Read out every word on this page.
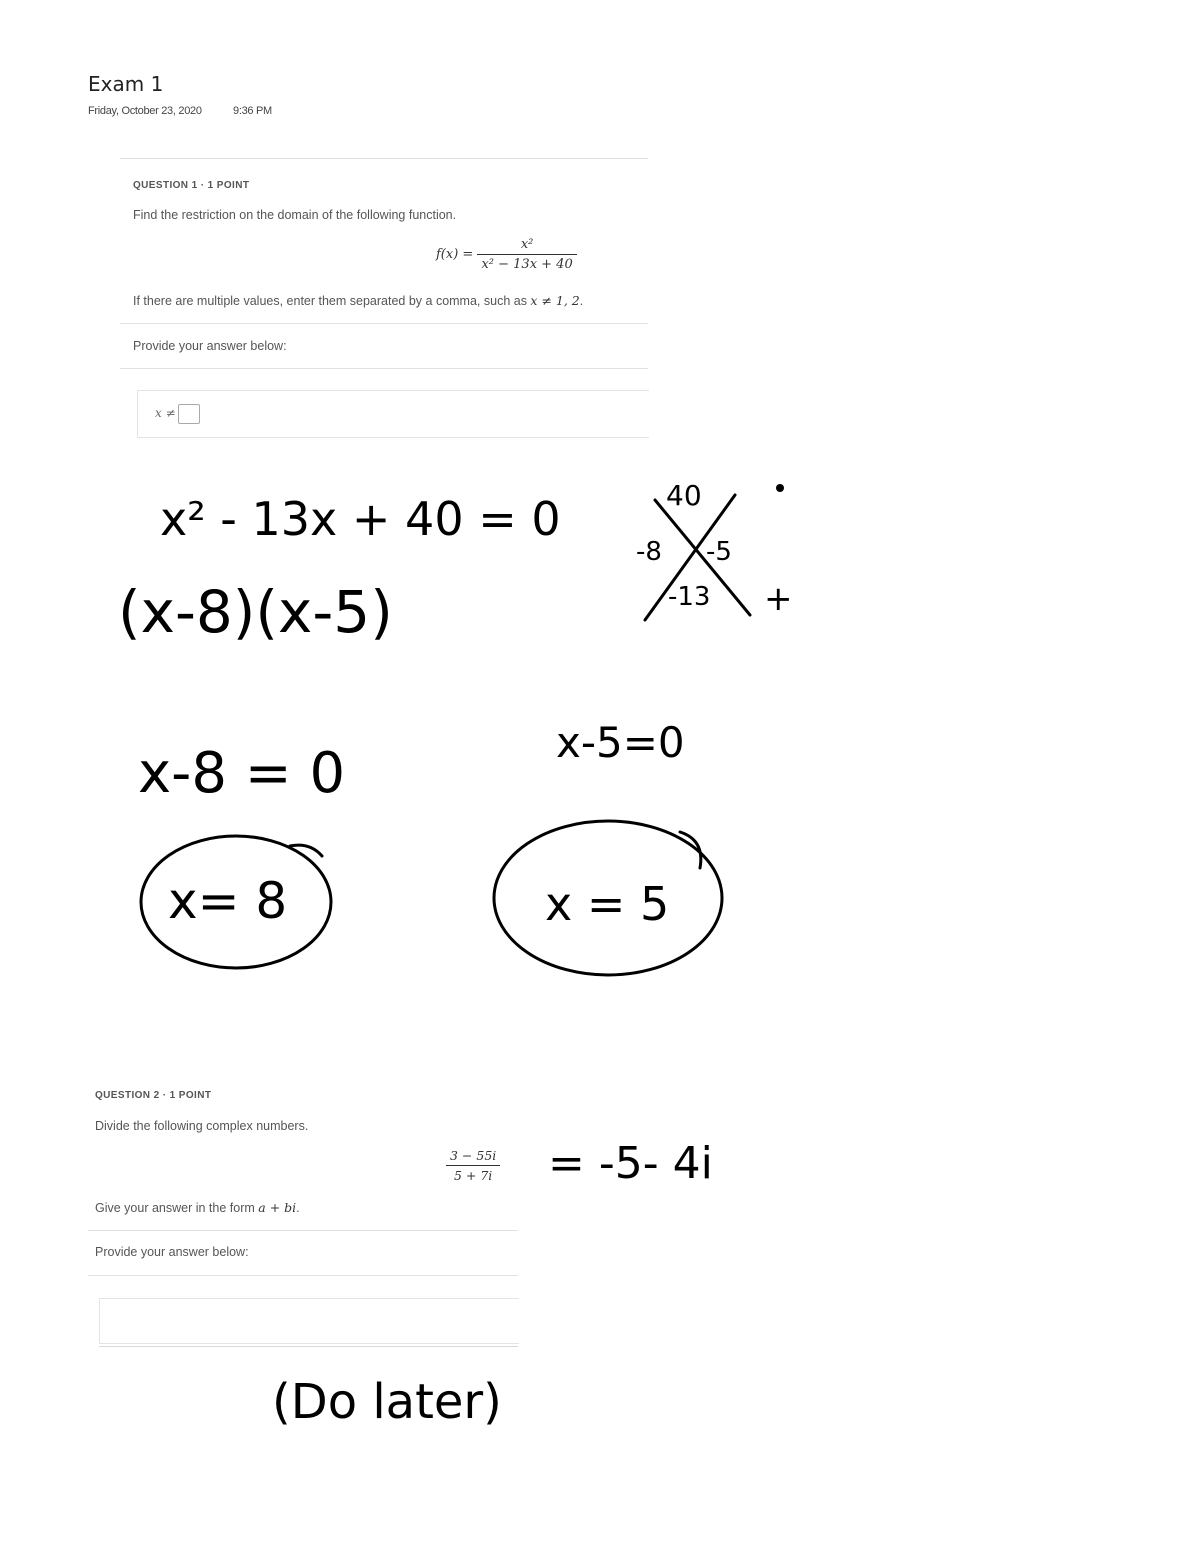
Exam 1
Friday, October 23, 2020	9:36 PM
QUESTION 1 · 1 POINT
Find the restriction on the domain of the following function.
$f(x) = \frac{\text{x²}}{\text{x² − 13x + 40}}$
If there are multiple values, enter them separated by a comma, such as x ≠ 1, 2.
Provide your answer below:
x ≠
QUESTION 2 · 1 POINT
Divide the following complex numbers.
$\frac{3 - 55i}{5 + 7i}$
Give your answer in the form a + bi.
Provide your answer below:
x² - 13x + 40 = 0
(x-8)(x-5)
40
-8 -5
-13 +
x-8 = 0	x-5=0
x= 8	x = 5
= -5- 4i
(Do later)
